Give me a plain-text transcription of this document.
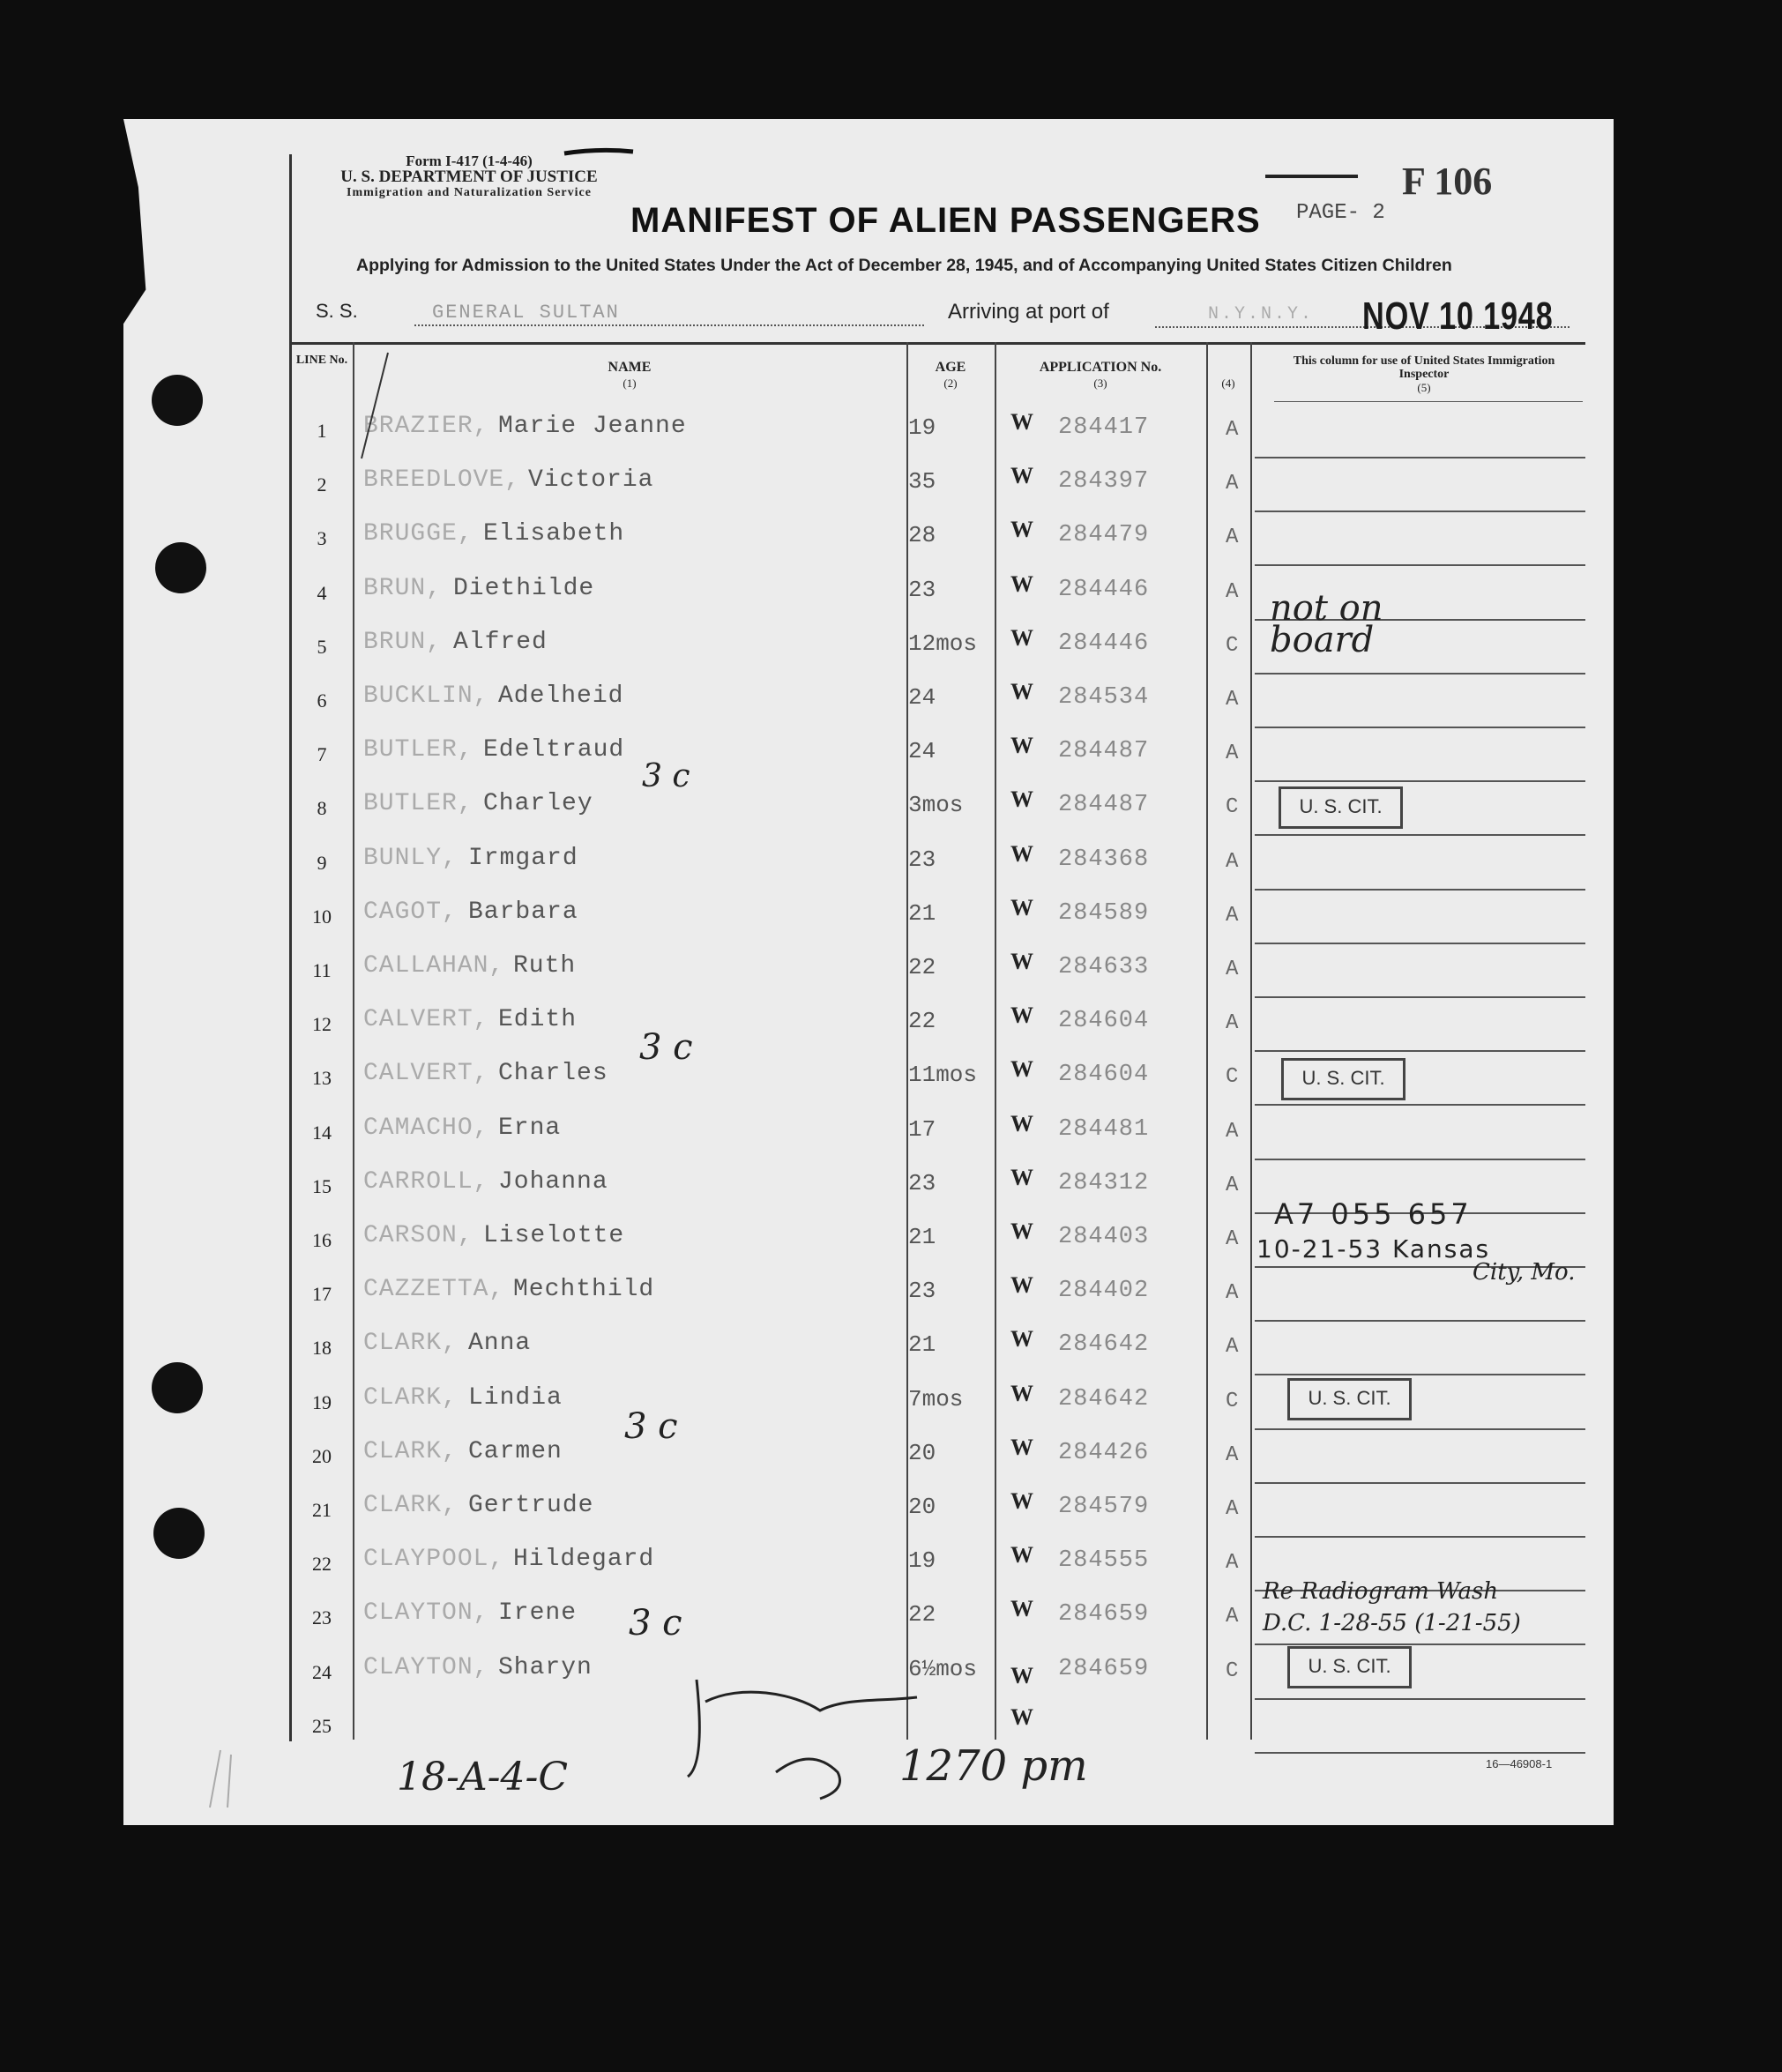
Form I-417 (1-4-46)
U. S. DEPARTMENT OF JUSTICE
Immigration and Naturalization Service
MANIFEST OF ALIEN PASSENGERS
Applying for Admission to the United States Under the Act of December 28, 1945, and of Accompanying United States Citizen Children
PAGE- 2
F 106
S. S.	GENERAL SULTAN	Arriving at port of	N.Y.N.Y. NOV 10 1948
LINE No.	NAME
(1)
AGE
(2)
APPLICATION No.
(3)	(4)
This column for use of United States Immigration Inspector
(5)
1	BRAZIER, Marie Jeanne	19	W 284417	A
2	BREEDLOVE, Victoria	35	W 284397	A
3	BRUGGE, Elisabeth	28	W 284479	A
4	BRUN, Diethilde	23	W 284446	A
5	BRUN, Alfred	12mos W 284446	C
6	BUCKLIN, Adelheid	24	W 284534	A
7	BUTLER, Edeltraud	24	W 284487	A
8	BUTLER, Charley	3mos W 284487	C
9	BUNLY, Irmgard	23	W 284368	A
10	CAGOT, Barbara	21	W 284589	A
11	CALLAHAN, Ruth	22	W 284633	A
12	CALVERT, Edith	22	W 284604	A
13	CALVERT, Charles	11mos W 284604	C
14	CAMACHO, Erna	17	W 284481	A
15	CARROLL, Johanna	23	W 284312	A
16	CARSON, Liselotte	21	W 284403	A
17	CAZZETTA, Mechthild	23	W 284402	A
18	CLARK, Anna	21	W 284642	A
19	CLARK, Lindia	7mos W 284642	C
20	CLARK, Carmen	20	W 284426	A
21	CLARK, Gertrude	20	W 284579	A
22	CLAYPOOL, Hildegard	19	W 284555	A
23	CLAYTON, Irene	22	W 284659	A
24	CLAYTON, Sharyn	6½mos W 284659	C
25	W
not on board
A7 055 657
10-21-53 Kansas
City, Mo.
Re Radiogram Wash
D.C. 1-28-55 (1-21-55)
3 c
3 c
3 c
3 c
18-A-4-C	1270 pm	16—46908-1
U. S. CIT.
U. S. CIT.
U. S. CIT.
U. S. CIT.
